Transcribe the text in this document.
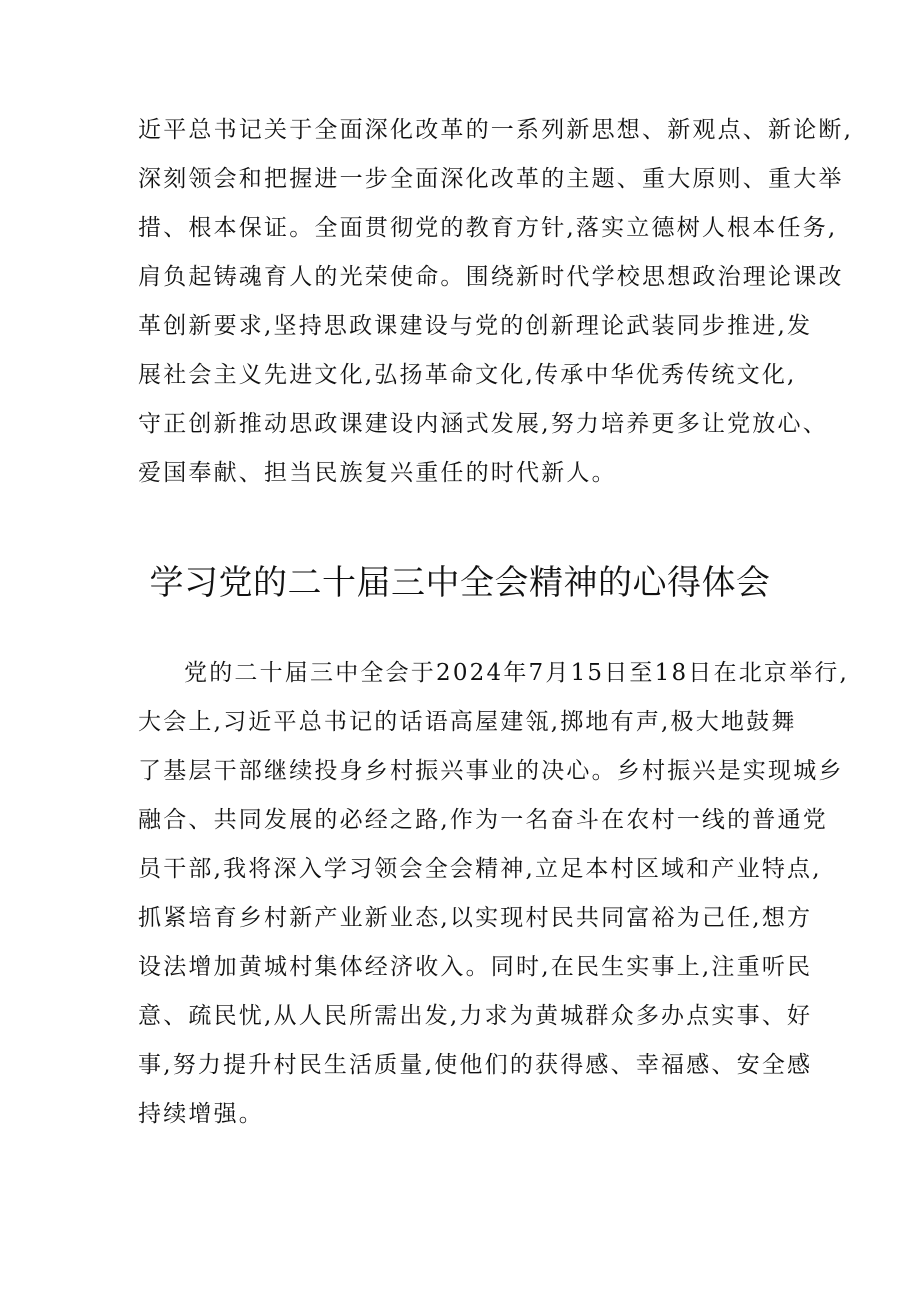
近平总书记关于全面深化改革的一系列新思想、新观点、新论断,
深刻领会和把握进一步全面深化改革的主题、重大原则、重大举
措、根本保证。全面贯彻党的教育方针,落实立德树人根本任务,
肩负起铸魂育人的光荣使命。围绕新时代学校思想政治理论课改
革创新要求,坚持思政课建设与党的创新理论武装同步推进,发
展社会主义先进文化,弘扬革命文化,传承中华优秀传统文化,
守正创新推动思政课建设内涵式发展,努力培养更多让党放心、
爱国奉献、担当民族复兴重任的时代新人。
学习党的二十届三中全会精神的心得体会
党的二十届三中全会于2024年7月15日至18日在北京举行,
大会上,习近平总书记的话语高屋建瓴,掷地有声,极大地鼓舞
了基层干部继续投身乡村振兴事业的决心。乡村振兴是实现城乡
融合、共同发展的必经之路,作为一名奋斗在农村一线的普通党
员干部,我将深入学习领会全会精神,立足本村区域和产业特点,
抓紧培育乡村新产业新业态,以实现村民共同富裕为己任,想方
设法增加黄城村集体经济收入。同时,在民生实事上,注重听民
意、疏民忧,从人民所需出发,力求为黄城群众多办点实事、好
事,努力提升村民生活质量,使他们的获得感、幸福感、安全感
持续增强。
